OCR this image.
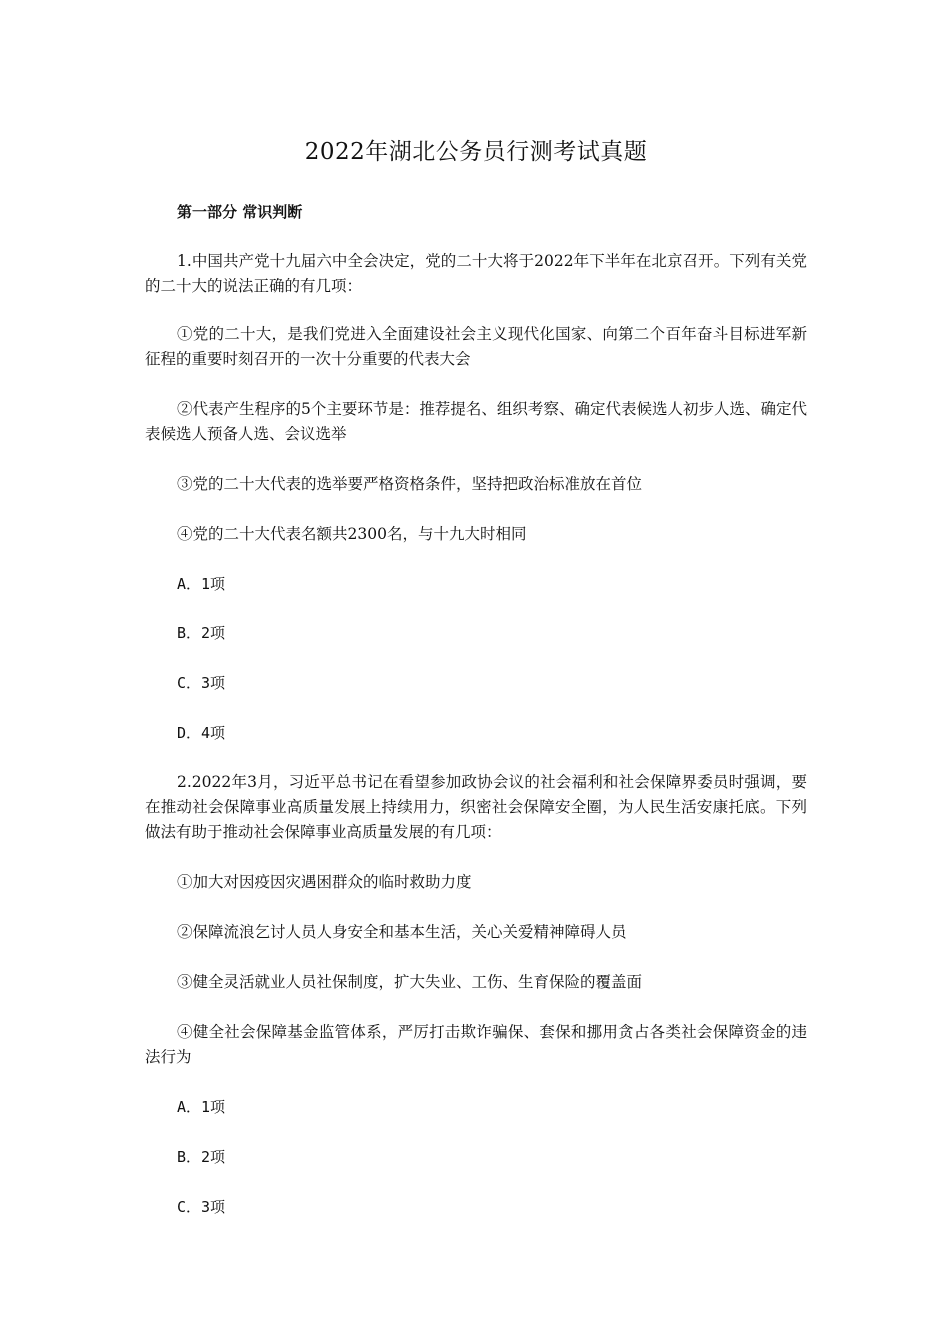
2022年湖北公务员行测考试真题
第一部分 常识判断
1.中国共产党十九届六中全会决定，党的二十大将于2022年下半年在北京召开。下列有关党的二十大的说法正确的有几项：
①党的二十大，是我们党进入全面建设社会主义现代化国家、向第二个百年奋斗目标进军新征程的重要时刻召开的一次十分重要的代表大会
②代表产生程序的5个主要环节是：推荐提名、组织考察、确定代表候选人初步人选、确定代表候选人预备人选、会议选举
③党的二十大代表的选举要严格资格条件，坚持把政治标准放在首位
④党的二十大代表名额共2300名，与十九大时相同
A．1项
B．2项
C．3项
D．4项
2.2022年3月，习近平总书记在看望参加政协会议的社会福利和社会保障界委员时强调，要在推动社会保障事业高质量发展上持续用力，织密社会保障安全圈，为人民生活安康托底。下列做法有助于推动社会保障事业高质量发展的有几项：
①加大对因疫因灾遇困群众的临时救助力度
②保障流浪乞讨人员人身安全和基本生活，关心关爱精神障碍人员
③健全灵活就业人员社保制度，扩大失业、工伤、生育保险的覆盖面
④健全社会保障基金监管体系，严厉打击欺诈骗保、套保和挪用贪占各类社会保障资金的违法行为
A．1项
B．2项
C．3项
